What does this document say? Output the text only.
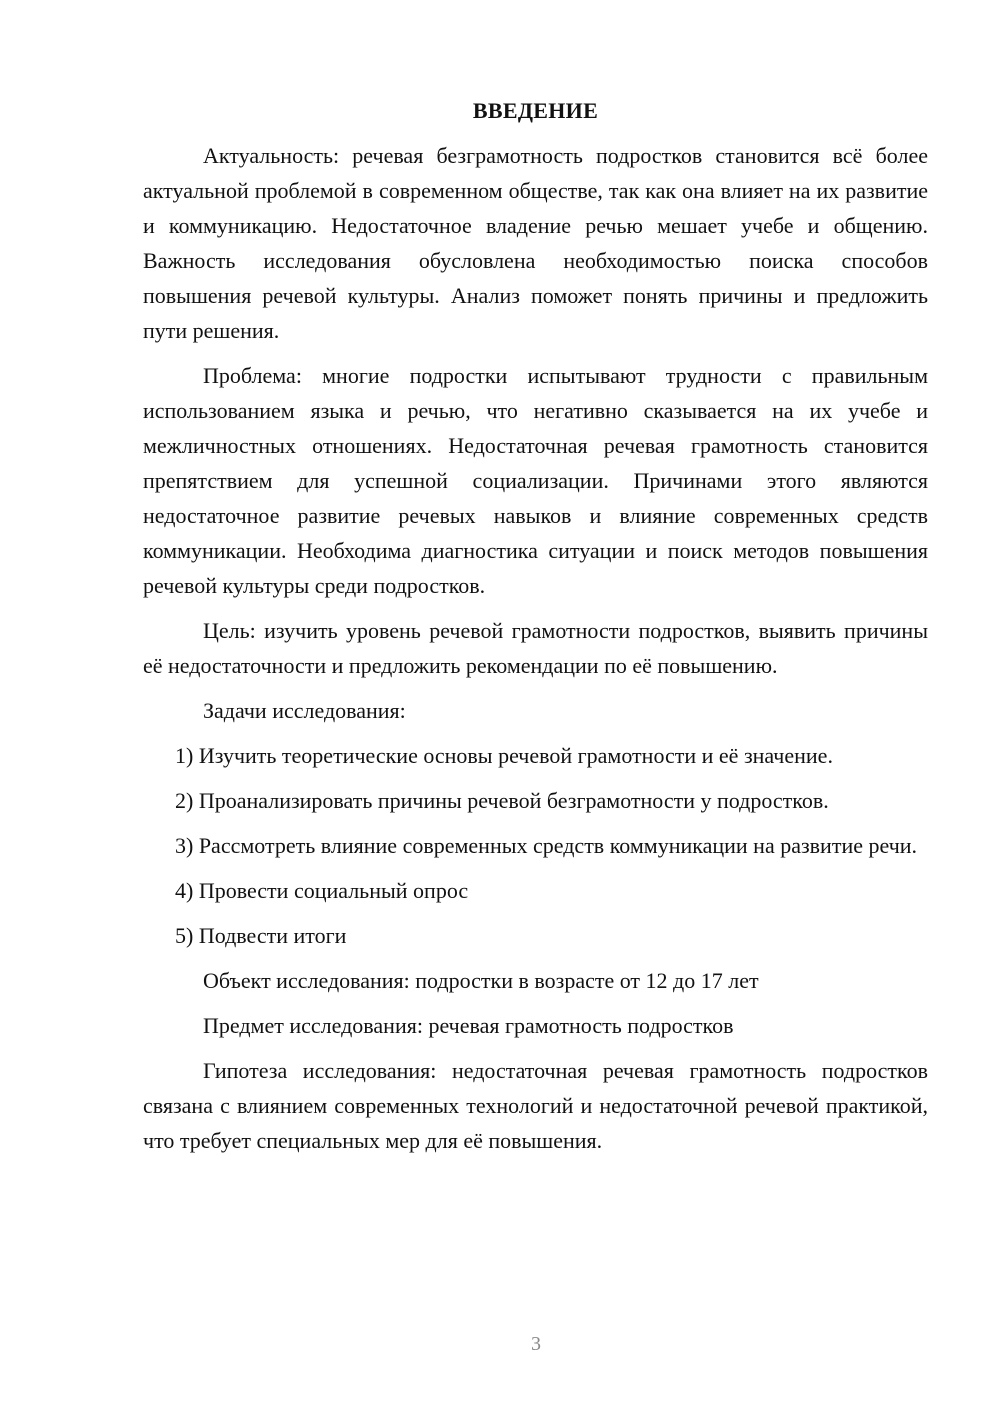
ВВЕДЕНИЕ

Актуальность: речевая безграмотность подростков становится всё более актуальной проблемой в современном обществе, так как она влияет на их развитие и коммуникацию. Недостаточное владение речью мешает учебе и общению. Важность исследования обусловлена необходимостью поиска способов повышения речевой культуры. Анализ поможет понять причины и предложить пути решения.

Проблема: многие подростки испытывают трудности с правильным использованием языка и речью, что негативно сказывается на их учебе и межличностных отношениях. Недостаточная речевая грамотность становится препятствием для успешной социализации. Причинами этого являются недостаточное развитие речевых навыков и влияние современных средств коммуникации. Необходима диагностика ситуации и поиск методов повышения речевой культуры среди подростков.

Цель: изучить уровень речевой грамотности подростков, выявить причины её недостаточности и предложить рекомендации по её повышению.

Задачи исследования:

1) Изучить теоретические основы речевой грамотности и её значение.

2) Проанализировать причины речевой безграмотности у подростков.

3) Рассмотреть влияние современных средств коммуникации на развитие речи.

4) Провести социальный опрос

5) Подвести итоги

Объект исследования: подростки в возрасте от 12 до 17 лет

Предмет исследования: речевая грамотность подростков

Гипотеза исследования: недостаточная речевая грамотность подростков связана с влиянием современных технологий и недостаточной речевой практикой, что требует специальных мер для её повышения.

3
